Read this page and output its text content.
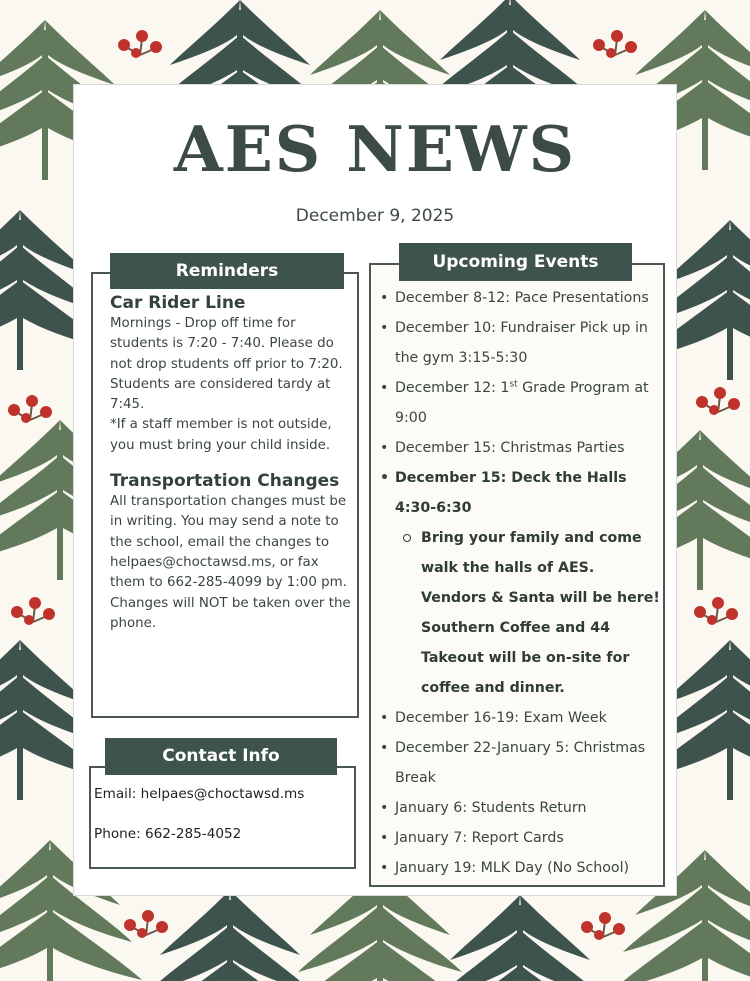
AES NEWS
December 9, 2025
Reminders

Car Rider Line

Mornings - Drop off time for students is 7:20 - 7:40. Please do not drop students off prior to 7:20. Students are considered tardy at 7:45.
*If a staff member is not outside, you must bring your child inside.

Transportation Changes

All transportation changes must be in writing. You may send a note to the school, email the changes to helpaes@choctawsd.ms, or fax them to 662-285-4099 by 1:00 pm.
Changes will NOT be taken over the phone.

Contact Info
Email: helpaes@choctawsd.ms
Phone: 662-285-4052
Upcoming Events
• December 8-12: Pace Presentations
• December 10: Fundraiser Pick up in the gym 3:15-5:30
• December 12: 1st Grade Program at 9:00
• December 15: Christmas Parties
• December 15: Deck the Halls 4:30-6:30
Bring your family and come walk the halls of AES. Vendors & Santa will be here! Southern Coffee and 44 Takeout will be on-site for coffee and dinner.
• December 16-19: Exam Week
• December 22-January 5: Christmas Break
• January 6: Students Return
• January 7: Report Cards
• January 19: MLK Day (No School)
